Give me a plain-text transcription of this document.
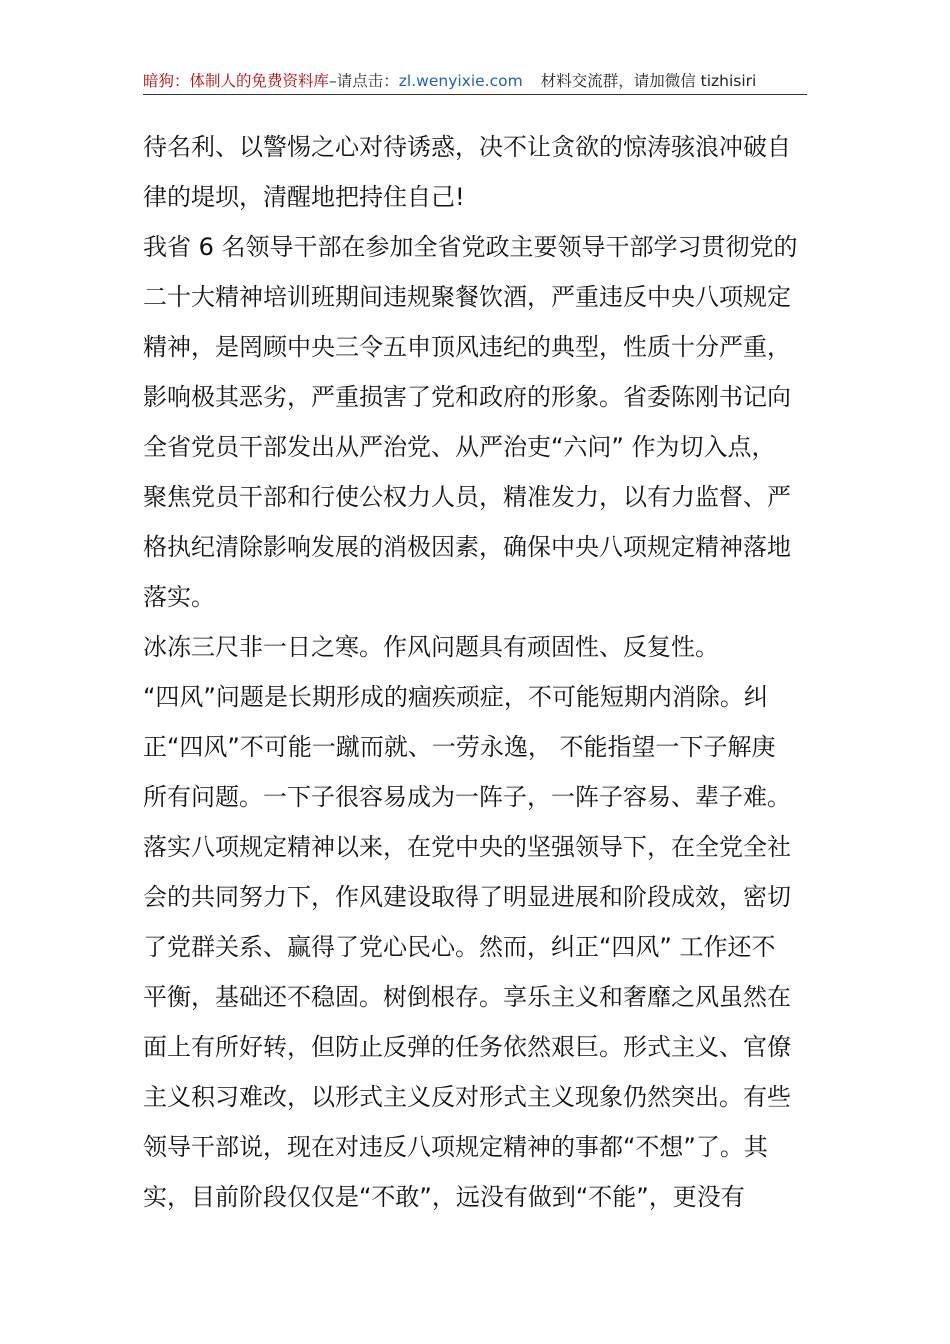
暗狗：体制人的免费资料库–请点击：zl.wenyixie.com 材料交流群，请加微信 tizhisiri
待名利、以警惕之心对待诱惑，决不让贪欲的惊涛骇浪冲破自
律的堤坝，清醒地把持住自己!
我省 6 名领导干部在参加全省党政主要领导干部学习贯彻党的
二十大精神培训班期间违规聚餐饮酒，严重违反中央八项规定
精神，是罔顾中央三令五申顶风违纪的典型，性质十分严重，
影响极其恶劣，严重损害了党和政府的形象。省委陈刚书记向
全省党员干部发出从严治党、从严治吏“六问” 作为切入点，
聚焦党员干部和行使公权力人员，精准发力，以有力监督、严
格执纪清除影响发展的消极因素，确保中央八项规定精神落地
落实。
冰冻三尺非一日之寒。作风问题具有顽固性、反复性。
“四风”问题是长期形成的痼疾顽症，不可能短期内消除。纠
正“四风”不可能一蹴而就、一劳永逸， 不能指望一下子解庚
所有问题。一下子很容易成为一阵子，一阵子容易、辈子难。
落实八项规定精神以来，在党中央的坚强领导下，在全党全社
会的共同努力下，作风建设取得了明显进展和阶段成效，密切
了党群关系、赢得了党心民心。然而，纠正“四风” 工作还不
平衡，基础还不稳固。树倒根存。享乐主义和奢靡之风虽然在
面上有所好转，但防止反弹的任务依然艰巨。形式主义、官僚
主义积习难改，以形式主义反对形式主义现象仍然突出。有些
领导干部说，现在对违反八项规定精神的事都“不想”了。其
实，目前阶段仅仅是“不敢”，远没有做到“不能”，更没有
